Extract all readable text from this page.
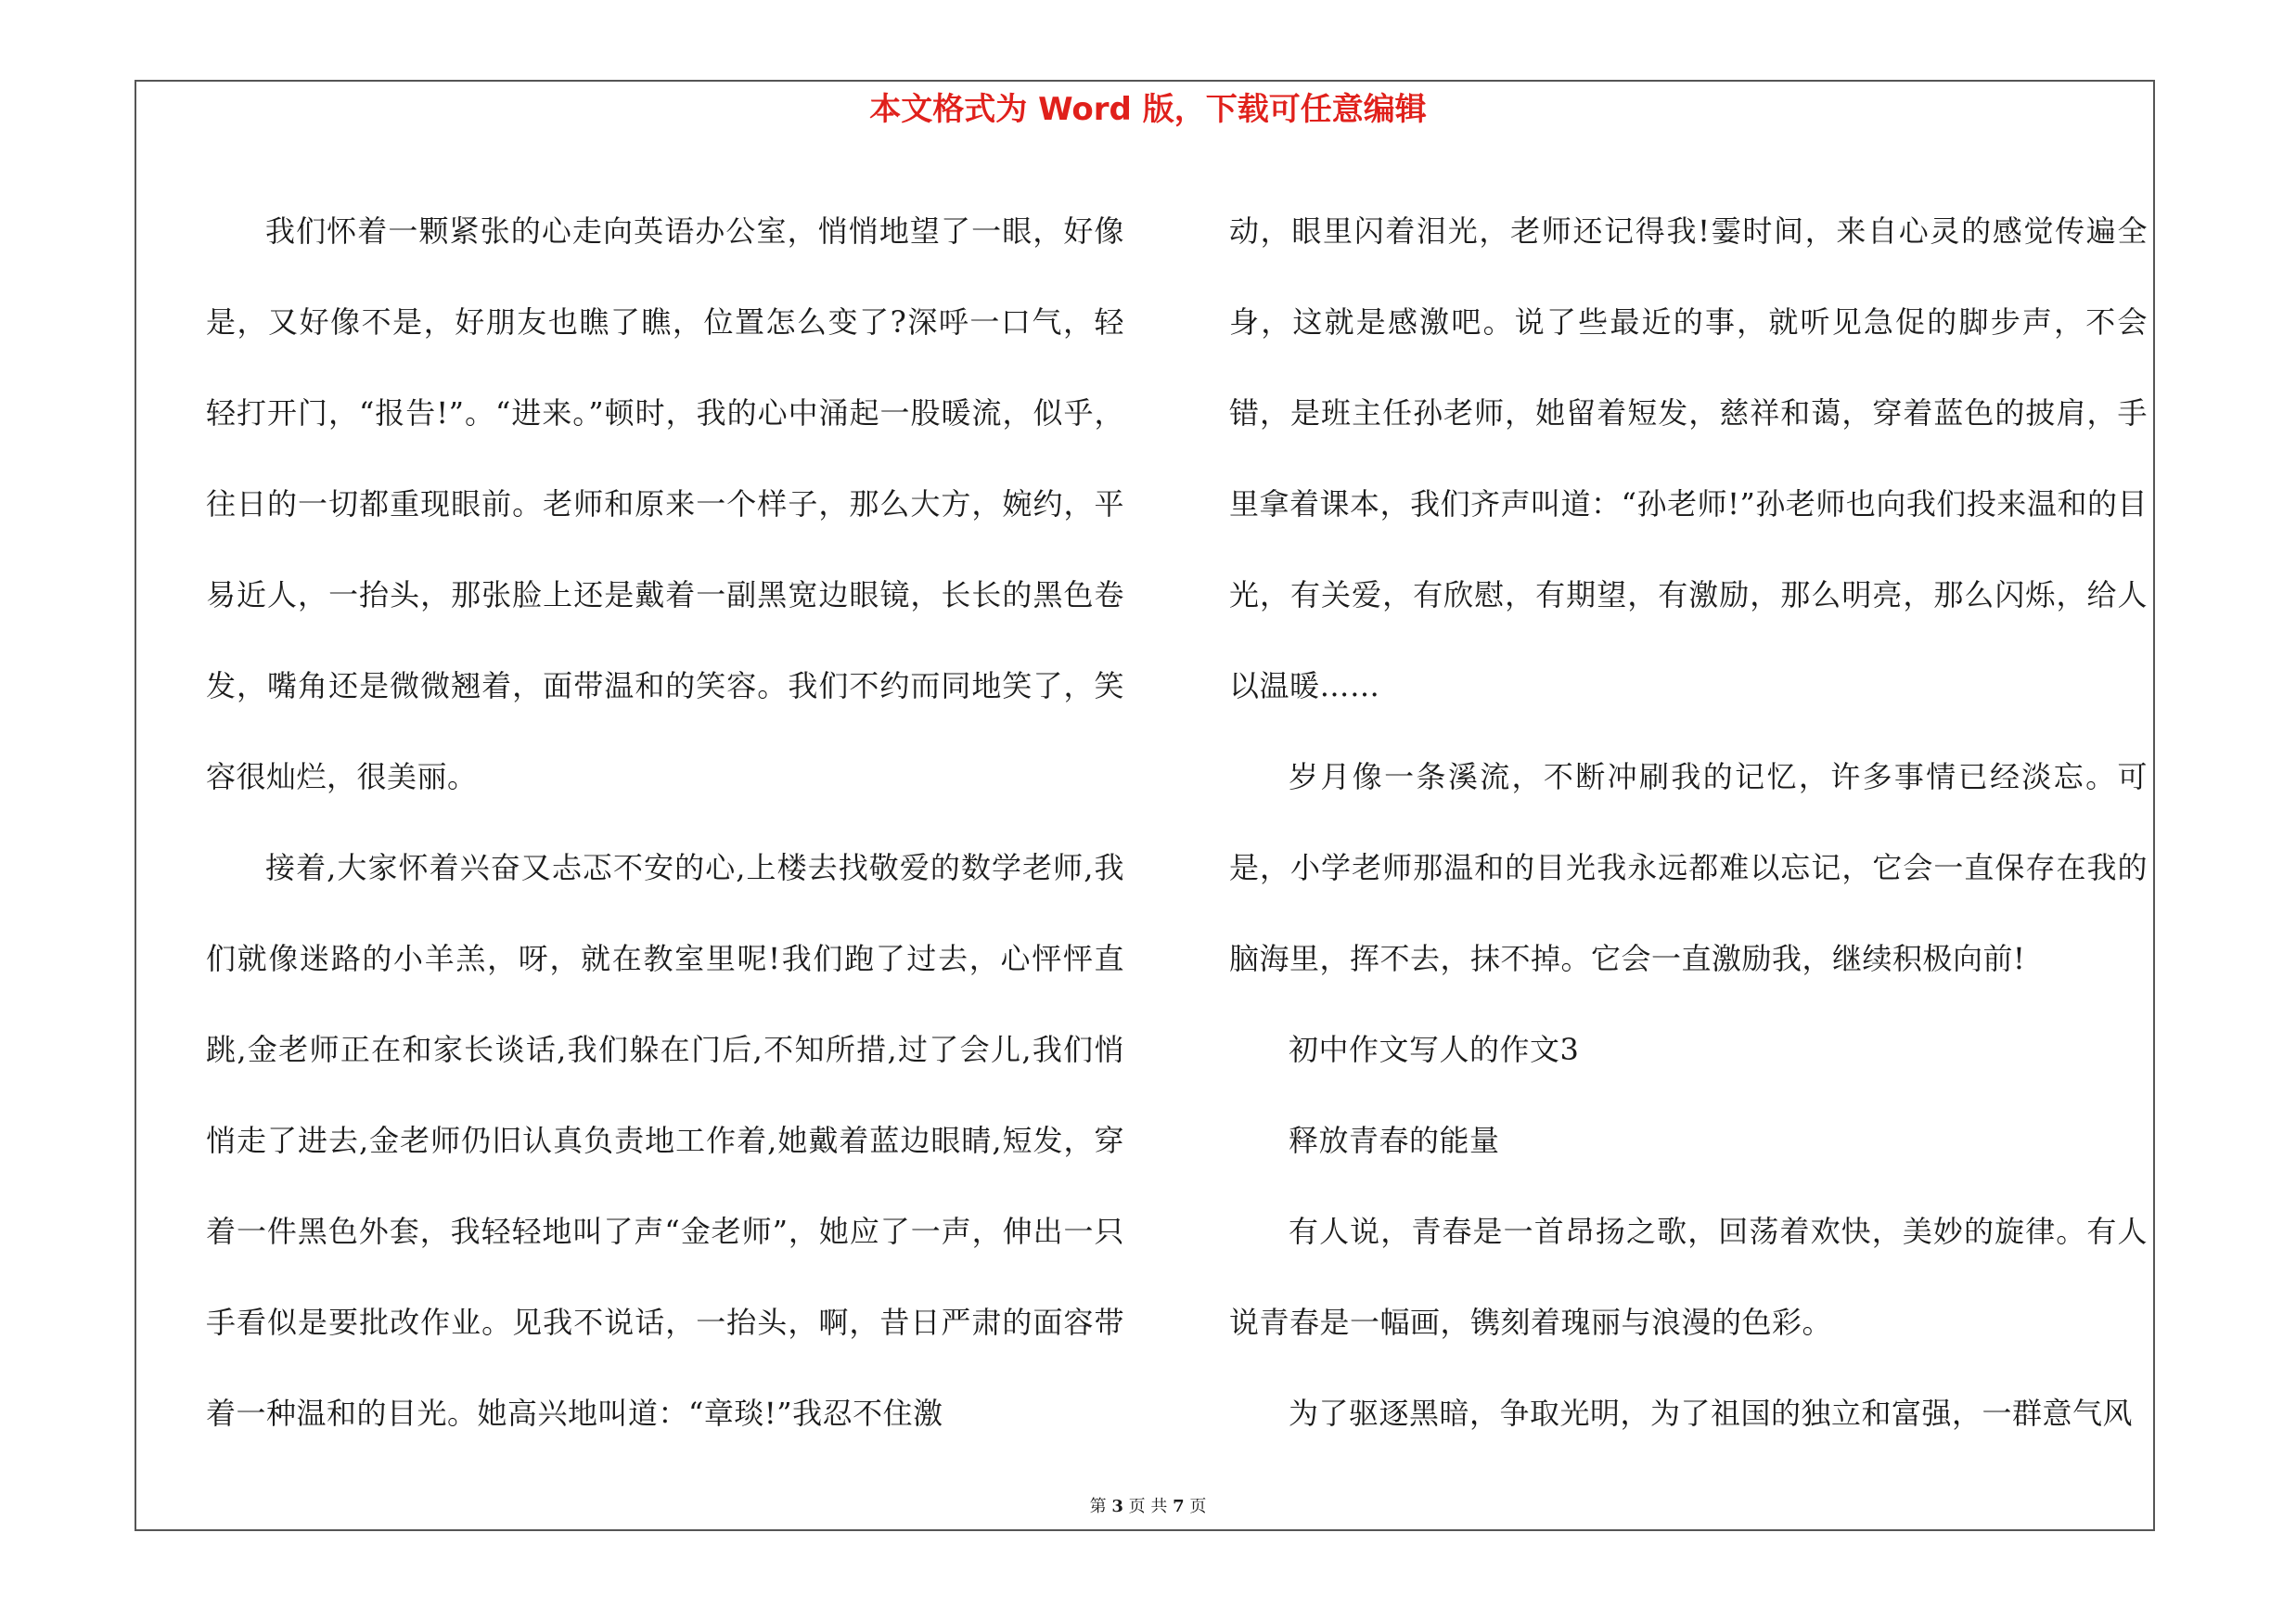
本文格式为 Word 版，下载可任意编辑

我们怀着一颗紧张的心走向英语办公室，悄悄地望了一眼，好像是，又好像不是，好朋友也瞧了瞧，位置怎么变了?深呼一口气，轻轻打开门，“报告!”。“进来。”顿时，我的心中涌起一股暖流，似乎，往日的一切都重现眼前。老师和原来一个样子，那么大方，婉约，平易近人，一抬头，那张脸上还是戴着一副黑宽边眼镜，长长的黑色卷发，嘴角还是微微翘着，面带温和的笑容。我们不约而同地笑了，笑容很灿烂，很美丽。

接着,大家怀着兴奋又忐忑不安的心,上楼去找敬爱的数学老师,我们就像迷路的小羊羔，呀，就在教室里呢!我们跑了过去，心怦怦直跳,金老师正在和家长谈话,我们躲在门后,不知所措,过了会儿,我们悄悄走了进去,金老师仍旧认真负责地工作着,她戴着蓝边眼睛,短发，穿着一件黑色外套，我轻轻地叫了声“金老师”，她应了一声，伸出一只手看似是要批改作业。见我不说话，一抬头，啊，昔日严肃的面容带着一种温和的目光。她高兴地叫道：“章琰!”我忍不住激

动，眼里闪着泪光，老师还记得我!霎时间，来自心灵的感觉传遍全身，这就是感激吧。说了些最近的事，就听见急促的脚步声，不会错，是班主任孙老师，她留着短发，慈祥和蔼，穿着蓝色的披肩，手里拿着课本，我们齐声叫道：“孙老师!”孙老师也向我们投来温和的目光，有关爱，有欣慰，有期望，有激励，那么明亮，那么闪烁，给人以温暖……

岁月像一条溪流，不断冲刷我的记忆，许多事情已经淡忘。可是，小学老师那温和的目光我永远都难以忘记，它会一直保存在我的脑海里，挥不去，抹不掉。它会一直激励我，继续积极向前!

初中作文写人的作文3

释放青春的能量

有人说，青春是一首昂扬之歌，回荡着欢快，美妙的旋律。有人说青春是一幅画，镌刻着瑰丽与浪漫的色彩。

为了驱逐黑暗，争取光明，为了祖国的独立和富强，一群意气风

第 3 页 共 7 页
